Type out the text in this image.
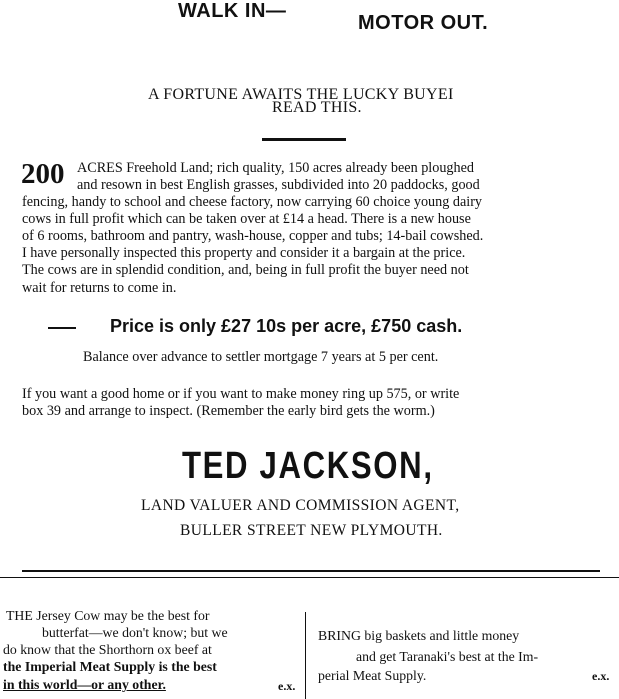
WALK IN—
MOTOR OUT.
A FORTUNE AWAITS THE LUCKY BUYEI
READ THIS.
200 ACRES Freehold Land; rich quality, 150 acres already been ploughed
and resown in best English grasses, subdivided into 20 paddocks, good
fencing, handy to school and cheese factory, now carrying 60 choice young dairy
cows in full profit which can be taken over at £14 a head. There is a new house
of 6 rooms, bathroom and pantry, wash-house, copper and tubs; 14-bail cowshed.
I have personally inspected this property and consider it a bargain at the price.
The cows are in splendid condition, and, being in full profit the buyer need not
wait for returns to come in.
Price is only £27 10s per acre, £750 cash.
Balance over advance to settler mortgage 7 years at 5 per cent.
If you want a good home or if you want to make money ring up 575, or write
box 39 and arrange to inspect. (Remember the early bird gets the worm.)
TED JACKSON,
LAND VALUER AND COMMISSION AGENT,
BULLER STREET NEW PLYMOUTH.
THE Jersey Cow may be the best for
butterfat—we don't know; but we
do know that the Shorthorn ox beef at
the Imperial Meat Supply is the best
in this world—or any other.	e.x.
BRING big baskets and little money
and get Taranaki's best at the Im-
perial Meat Supply.	e.x.
